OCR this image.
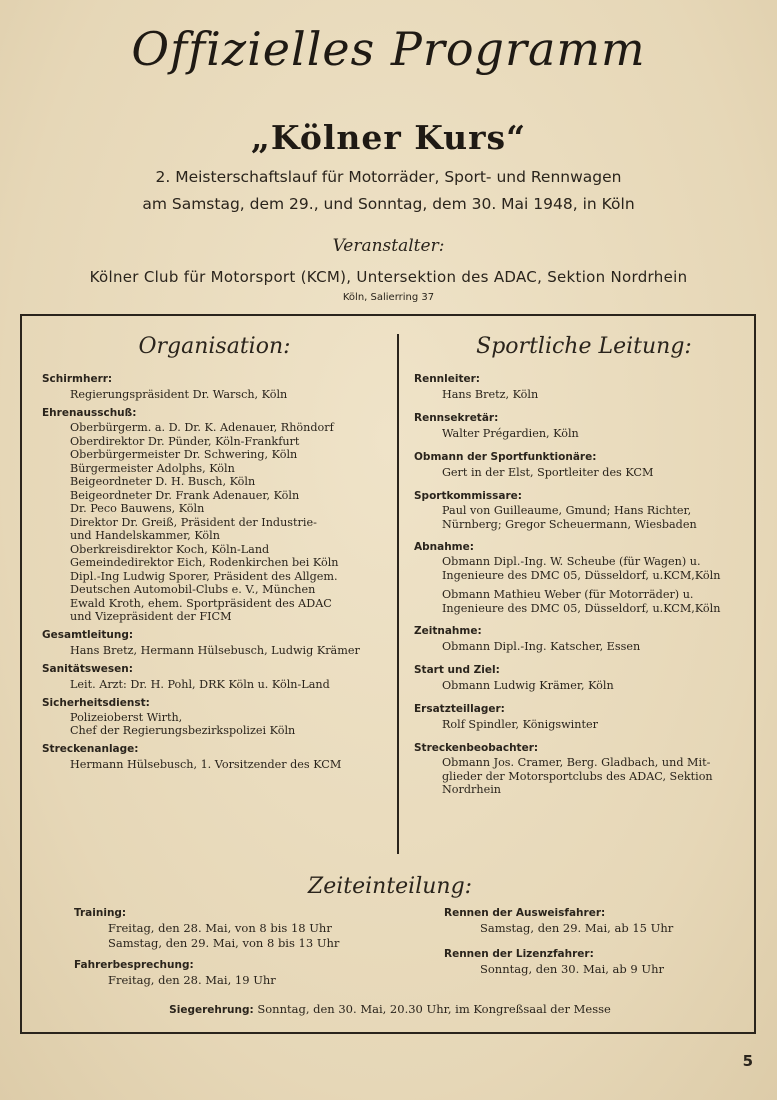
Offizielles Programm
„Kölner Kurs“
2. Meisterschaftslauf für Motorräder, Sport- und Rennwagen
am Samstag, dem 29., und Sonntag, dem 30. Mai 1948, in Köln
Veranstalter:
Kölner Club für Motorsport (KCM), Untersektion des ADAC, Sektion Nordrhein
Köln, Salierring 37
Organisation:
Schirmherr:
Regierungspräsident Dr. Warsch, Köln
Ehrenausschuß:
Oberbürgerm. a. D. Dr. K. Adenauer, Rhöndorf
Oberdirektor Dr. Pünder, Köln-Frankfurt
Oberbürgermeister Dr. Schwering, Köln
Bürgermeister Adolphs, Köln
Beigeordneter D. H. Busch, Köln
Beigeordneter Dr. Frank Adenauer, Köln
Dr. Peco Bauwens, Köln
Direktor Dr. Greiß, Präsident der Industrie-
und Handelskammer, Köln
Oberkreisdirektor Koch, Köln-Land
Gemeindedirektor Eich, Rodenkirchen bei Köln
Dipl.-Ing Ludwig Sporer, Präsident des Allgem.
Deutschen Automobil-Clubs e. V., München
Ewald Kroth, ehem. Sportpräsident des ADAC
und Vizepräsident der FICM
Gesamtleitung:
Hans Bretz, Hermann Hülsebusch, Ludwig Krämer
Sanitätswesen:
Leit. Arzt: Dr. H. Pohl, DRK Köln u. Köln-Land
Sicherheitsdienst:
Polizeioberst Wirth,
Chef der Regierungsbezirkspolizei Köln
Streckenanlage:
Hermann Hülsebusch, 1. Vorsitzender des KCM
Sportliche Leitung:
Rennleiter:
Hans Bretz, Köln
Rennsekretär:
Walter Prégardien, Köln
Obmann der Sportfunktionäre:
Gert in der Elst, Sportleiter des KCM
Sportkommissare:
Paul von Guilleaume, Gmund; Hans Richter,
Nürnberg; Gregor Scheuermann, Wiesbaden
Abnahme:
Obmann Dipl.-Ing. W. Scheube (für Wagen) u.
Ingenieure des DMC 05, Düsseldorf, u.KCM,Köln
Obmann Mathieu Weber (für Motorräder) u.
Ingenieure des DMC 05, Düsseldorf, u.KCM,Köln
Zeitnahme:
Obmann Dipl.-Ing. Katscher, Essen
Start und Ziel:
Obmann Ludwig Krämer, Köln
Ersatzteillager:
Rolf Spindler, Königswinter
Streckenbeobachter:
Obmann Jos. Cramer, Berg. Gladbach, und Mit-
glieder der Motorsportclubs des ADAC, Sektion
Nordrhein
Zeiteinteilung:
Training:
Freitag, den 28. Mai, von 8 bis 18 Uhr
Samstag, den 29. Mai, von 8 bis 13 Uhr
Fahrerbesprechung:
Freitag, den 28. Mai, 19 Uhr
Rennen der Ausweisfahrer:
Samstag, den 29. Mai, ab 15 Uhr
Rennen der Lizenzfahrer:
Sonntag, den 30. Mai, ab 9 Uhr
Siegerehrung: Sonntag, den 30. Mai, 20.30 Uhr, im Kongreßsaal der Messe
5
